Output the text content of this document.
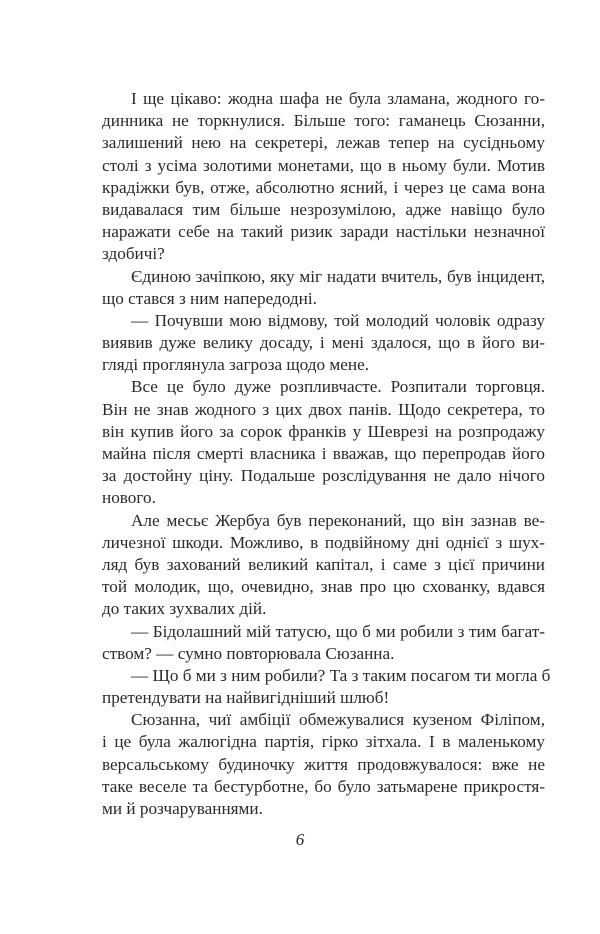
І ще цікаво: жодна шафа не була зламана, жодного го-
динника не торкнулися. Більше того: гаманець Сюзанни,
залишений нею на секретері, лежав тепер на сусідньому
столі з усіма золотими монетами, що в ньому були. Мотив
крадіжки був, отже, абсолютно ясний, і через це сама вона
видавалася тим більше незрозумілою, адже навіщо було
наражати себе на такий ризик заради настільки незначної
здобичі?
Єдиною зачіпкою, яку міг надати вчитель, був інцидент,
що стався з ним напередодні.
— Почувши мою відмову, той молодий чоловік одразу
виявив дуже велику досаду, і мені здалося, що в його ви-
гляді проглянула загроза щодо мене.
Все це було дуже розпливчасте. Розпитали торговця.
Він не знав жодного з цих двох панів. Щодо секретера, то
він купив його за сорок франків у Шеврезі на розпродажу
майна після смерті власника і вважав, що перепродав його
за достойну ціну. Подальше розслідування не дало нічого
нового.
Але месьє Жербуа був переконаний, що він зазнав ве-
личезної шкоди. Можливо, в подвійному дні однієї з шух-
ляд був захований великий капітал, і саме з цієї причини
той молодик, що, очевидно, знав про цю схованку, вдався
до таких зухвалих дій.
— Бідолашний мій татусю, що б ми робили з тим багат-
ством? — сумно повторювала Сюзанна.
— Що б ми з ним робили? Та з таким посагом ти могла б
претендувати на найвигідніший шлюб!
Сюзанна, чиї амбіції обмежувалися кузеном Філіпом,
і це була жалюгідна партія, гірко зітхала. І в маленькому
версальському будиночку життя продовжувалося: вже не
таке веселе та бестурботне, бо було затьмарене прикростя-
ми й розчаруваннями.
6
